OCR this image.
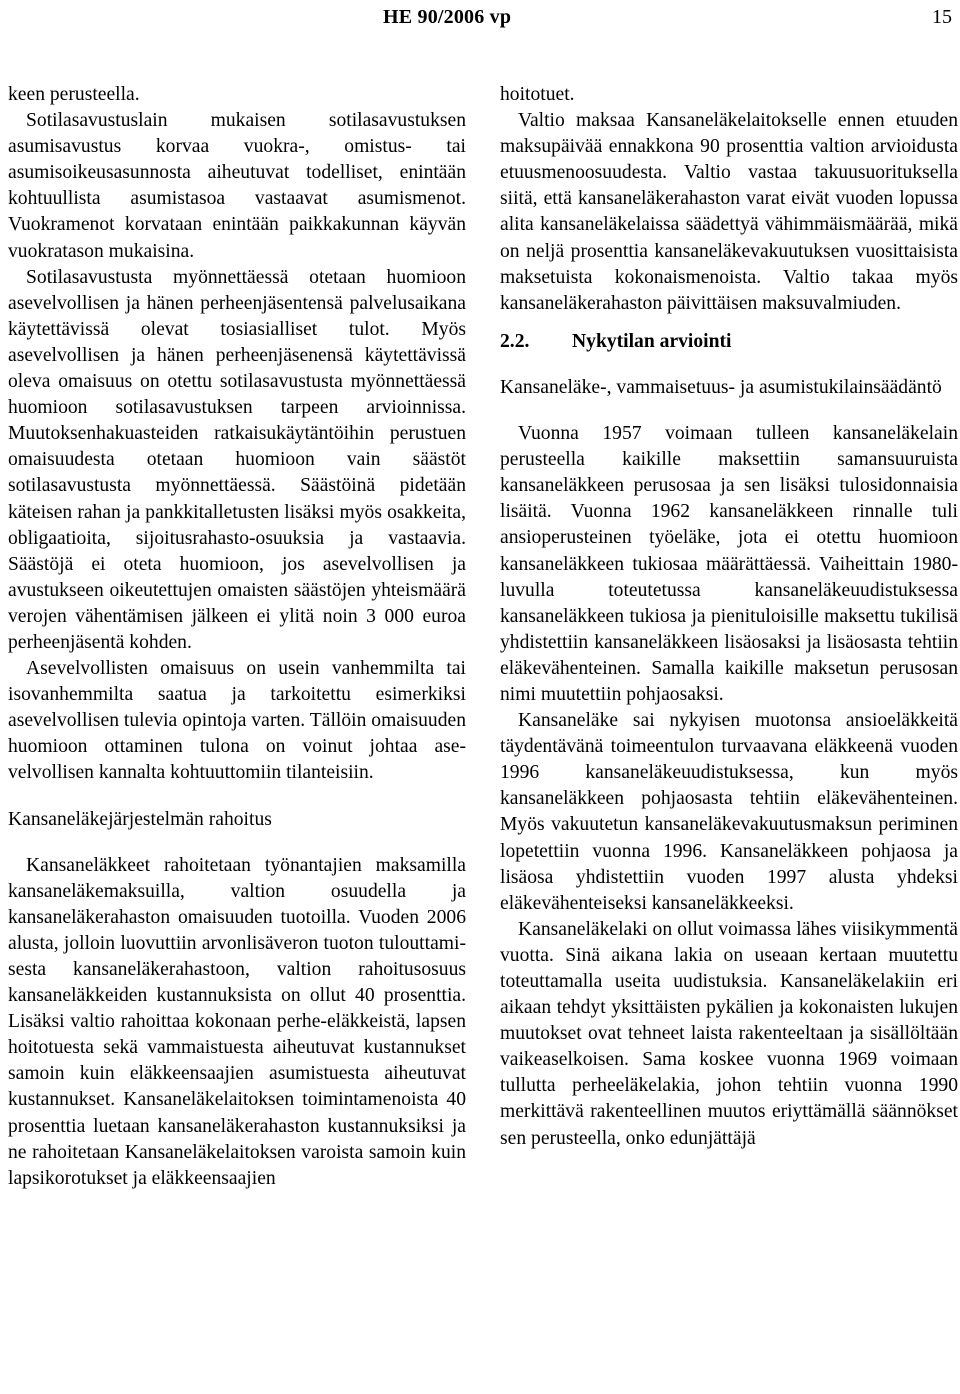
HE 90/2006 vp	15

keen perusteella.

Sotilasavustuslain mukaisen sotilasavustuksen asumisavustus korvaa vuokra-, omistus- tai asumisoikeusasunnosta aiheutuvat todelliset, enintään kohtuullista asumistasoa vastaavat asumismenot. Vuokramenot korvataan enintään paikkakunnan käyvän vuokratason mukaisina.

Sotilasavustusta myönnettäessä otetaan huomioon asevelvollisen ja hänen perheenjäsentensä palvelusaikana käytettävissä olevat tosiasialliset tulot. Myös asevelvollisen ja hänen perheenjäsenensä käytettävissä oleva omaisuus on otettu sotilasavustusta myönnettäessä huomioon sotilasavustuksen tarpeen arvioinnissa. Muutoksenhakuasteiden ratkaisukäytäntöihin perustuen omaisuudesta otetaan huomioon vain säästöt sotilasavustusta myönnettäessä. Säästöinä pidetään käteisen rahan ja pankkitalletusten lisäksi myös osakkeita, obligaatioita, sijoitusrahasto-osuuksia ja vastaavia. Säästöjä ei oteta huomioon, jos asevelvollisen ja avustukseen oikeutettujen omaisten säästöjen yhteismäärä verojen vähentämisen jälkeen ei ylitä noin 3 000 euroa perheenjäsentä kohden.

Asevelvollisten omaisuus on usein vanhemmilta tai isovanhemmilta saatua ja tarkoitettu esimerkiksi asevelvollisen tulevia opintoja varten. Tällöin omaisuuden huomioon ottaminen tulona on voinut johtaa asevelvollisen kannalta kohtuuttomiin tilanteisiin.

Kansaneläkejärjestelmän rahoitus

Kansaneläkkeet rahoitetaan työnantajien maksamilla kansaneläkemaksuilla, valtion osuudella ja kansaneläkerahaston omaisuuden tuotoilla. Vuoden 2006 alusta, jolloin luovuttiin arvonlisäveron tuoton tulouttamisesta kansaneläkerahastoon, valtion rahoitusosuus kansaneläkkeiden kustannuksista on ollut 40 prosenttia. Lisäksi valtio rahoittaa kokonaan perhe-eläkkeistä, lapsen hoitotuesta sekä vammaistuesta aiheutuvat kustannukset samoin kuin eläkkeensaajien asumistuesta aiheutuvat kustannukset. Kansaneläkelaitoksen toimintamenoista 40 prosenttia luetaan kansaneläkerahaston kustannuksiksi ja ne rahoitetaan Kansaneläkelaitoksen varoista samoin kuin lapsikorotukset ja eläkkeensaajien

hoitotuet.

Valtio maksaa Kansaneläkelaitokselle ennen etuuden maksupäivää ennakkona 90 prosenttia valtion arvioidusta etuusmenoosuudesta. Valtio vastaa takuusuorituksella siitä, että kansaneläkerahaston varat eivät vuoden lopussa alita kansaneläkelaissa säädettyä vähimmäismäärää, mikä on neljä prosenttia kansaneläkevakuutuksen vuosittaisista maksetuista kokonaismenoista. Valtio takaa myös kansaneläkerahaston päivittäisen maksuvalmiuden.

2.2. Nykytilan arviointi
Kansaneläke-, vammaisetuus- ja asumistukilainsäädäntö

Vuonna 1957 voimaan tulleen kansaneläkelain perusteella kaikille maksettiin samansuuruista kansaneläkkeen perusosaa ja sen lisäksi tulosidonnaisia lisäitä. Vuonna 1962 kansaneläkkeen rinnalle tuli ansioperusteinen työeläke, jota ei otettu huomioon kansaneläkkeen tukiosaa määrättäessä. Vaiheittain 1980-luvulla toteutetussa kansaneläkeuudistuksessa kansaneläkkeen tukiosa ja pienituloisille maksettu tukilisä yhdistettiin kansaneläkkeen lisäosaksi ja lisäosasta tehtiin eläkevähenteinen. Samalla kaikille maksetun perusosan nimi muutettiin pohjaosaksi.

Kansaneläke sai nykyisen muotonsa ansioeläkkeitä täydentävänä toimeentulon turvaavana eläkkeenä vuoden 1996 kansaneläkeuudistuksessa, kun myös kansaneläkkeen pohjaosasta tehtiin eläkevähenteinen. Myös vakuutetun kansaneläkevakuutusmaksun periminen lopetettiin vuonna 1996. Kansaneläkkeen pohjaosa ja lisäosa yhdistettiin vuoden 1997 alusta yhdeksi eläkevähenteiseksi kansaneläkkeeksi.

Kansaneläkelaki on ollut voimassa lähes viisikymmentä vuotta. Sinä aikana lakia on useaan kertaan muutettu toteuttamalla useita uudistuksia. Kansaneläkelakiin eri aikaan tehdyt yksittäisten pykälien ja kokonaisten lukujen muutokset ovat tehneet laista rakenteeltaan ja sisällöltään vaikeaselkoisen. Sama koskee vuonna 1969 voimaan tullutta perheeläkelakia, johon tehtiin vuonna 1990 merkittävä rakenteellinen muutos eriyttämällä säännökset sen perusteella, onko edunjättäjä
